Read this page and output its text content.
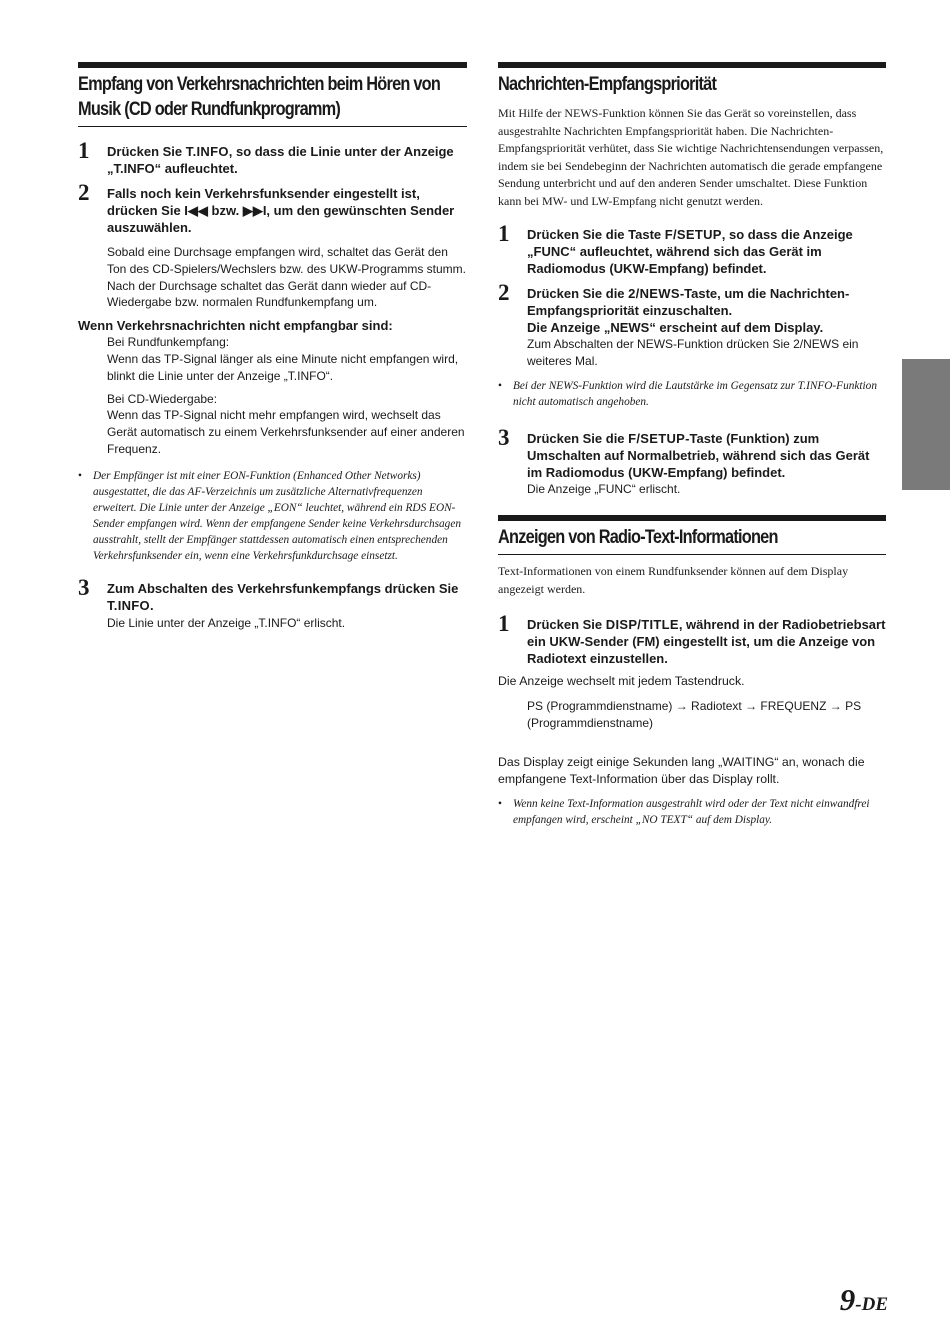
Empfang von Verkehrsnachrichten beim Hören von
Musik (CD oder Rundfunkprogramm)
1 Drücken Sie T.INFO, so dass die Linie unter der Anzeige „T.INFO“ aufleuchtet.

2 Falls noch kein Verkehrsfunksender eingestellt ist, drücken Sie I◀◀ bzw. ▶▶I, um den gewünschten Sender auszuwählen.

Sobald eine Durchsage empfangen wird, schaltet das Gerät den Ton des CD-Spielers/Wechslers bzw. des UKW-Programms stumm.

Nach der Durchsage schaltet das Gerät dann wieder auf CD-Wiedergabe bzw. normalen Rundfunkempfang um.

Wenn Verkehrsnachrichten nicht empfangbar sind:

Bei Rundfunkempfang:

Wenn das TP-Signal länger als eine Minute nicht empfangen wird, blinkt die Linie unter der Anzeige „T.INFO“.

Bei CD-Wiedergabe:

Wenn das TP-Signal nicht mehr empfangen wird, wechselt das Gerät automatisch zu einem Verkehrsfunksender auf einer anderen Frequenz.

• Der Empfänger ist mit einer EON-Funktion (Enhanced Other Networks) ausgestattet, die das AF-Verzeichnis um zusätzliche Alternativfrequenzen erweitert. Die Linie unter der Anzeige „EON“ leuchtet, während ein RDS EON-Sender empfangen wird. Wenn der empfangene Sender keine Verkehrsdurchsagen ausstrahlt, stellt der Empfänger stattdessen automatisch einen entsprechenden Verkehrsfunksender ein, wenn eine Verkehrsfunkdurchsage einsetzt.

3 Zum Abschalten des Verkehrsfunkempfangs drücken Sie T.INFO.

Die Linie unter der Anzeige „T.INFO“ erlischt.

Nachrichten-Empfangspriorität

Mit Hilfe der NEWS-Funktion können Sie das Gerät so voreinstellen, dass ausgestrahlte Nachrichten Empfangspriorität haben. Die Nachrichten-Empfangspriorität verhütet, dass Sie wichtige Nachrichtensendungen verpassen, indem sie bei Sendebeginn der Nachrichten automatisch die gerade empfangene Sendung unterbricht und auf den anderen Sender umschaltet. Diese Funktion kann bei MW- und LW-Empfang nicht genutzt werden.

1 Drücken Sie die Taste F/SETUP, so dass die Anzeige „FUNC“ aufleuchtet, während sich das Gerät im Radiomodus (UKW-Empfang) befindet.

2 Drücken Sie die 2/NEWS-Taste, um die Nachrichten-Empfangspriorität einzuschalten.

Die Anzeige „NEWS“ erscheint auf dem Display.

Zum Abschalten der NEWS-Funktion drücken Sie 2/NEWS ein weiteres Mal.

• Bei der NEWS-Funktion wird die Lautstärke im Gegensatz zur T.INFO-Funktion nicht automatisch angehoben.

3 Drücken Sie die F/SETUP-Taste (Funktion) zum Umschalten auf Normalbetrieb, während sich das Gerät im Radiomodus (UKW-Empfang) befindet.

Die Anzeige „FUNC“ erlischt.

Anzeigen von Radio-Text-Informationen

Text-Informationen von einem Rundfunksender können auf dem Display angezeigt werden.

1 Drücken Sie DISP/TITLE, während in der Radiobetriebsart ein UKW-Sender (FM) eingestellt ist, um die Anzeige von Radiotext einzustellen.

Die Anzeige wechselt mit jedem Tastendruck.

PS (Programmdienstname) → Radiotext → FREQUENZ → PS (Programmdienstname)

Das Display zeigt einige Sekunden lang „WAITING“ an, wonach die empfangene Text-Information über das Display rollt.

• Wenn keine Text-Information ausgestrahlt wird oder der Text nicht einwandfrei empfangen wird, erscheint „NO TEXT“ auf dem Display.

9-DE
